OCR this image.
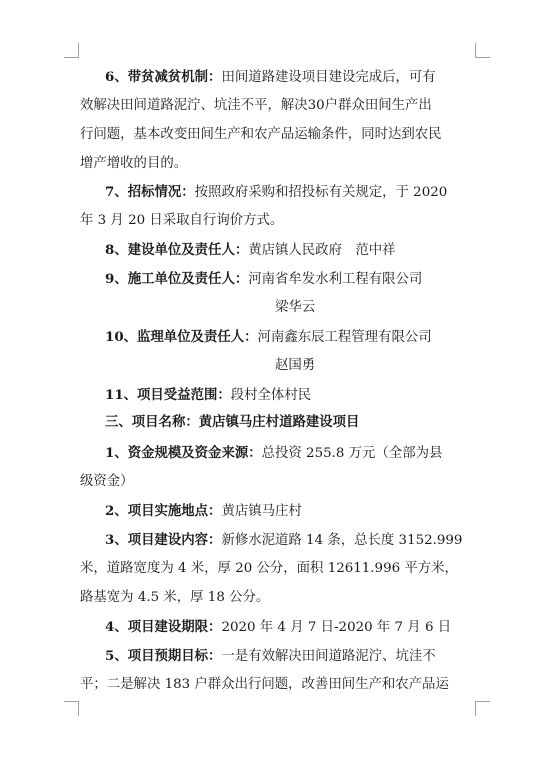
6、带贫减贫机制：田间道路建设项目建设完成后，可有
效解决田间道路泥泞、坑洼不平，解决30户群众田间生产出
行问题，基本改变田间生产和农产品运输条件，同时达到农民
增产增收的目的。
7、招标情况：按照政府采购和招投标有关规定，于 2020
年 3 月 20 日采取自行询价方式。
8、建设单位及责任人：黄店镇人民政府　范中祥
9、施工单位及责任人：河南省牟发水利工程有限公司
梁华云
10、监理单位及责任人：河南鑫东辰工程管理有限公司
赵国勇
11、项目受益范围：段村全体村民
三、项目名称：黄店镇马庄村道路建设项目
1、资金规模及资金来源：总投资 255.8 万元（全部为县
级资金）
2、项目实施地点：黄店镇马庄村
3、项目建设内容：新修水泥道路 14 条，总长度 3152.999
米，道路宽度为 4 米，厚 20 公分，面积 12611.996 平方米，
路基宽为 4.5 米，厚 18 公分。
4、项目建设期限：2020 年 4 月 7 日-2020 年 7 月 6 日
5、项目预期目标：一是有效解决田间道路泥泞、坑洼不
平；二是解决 183 户群众出行问题，改善田间生产和农产品运
